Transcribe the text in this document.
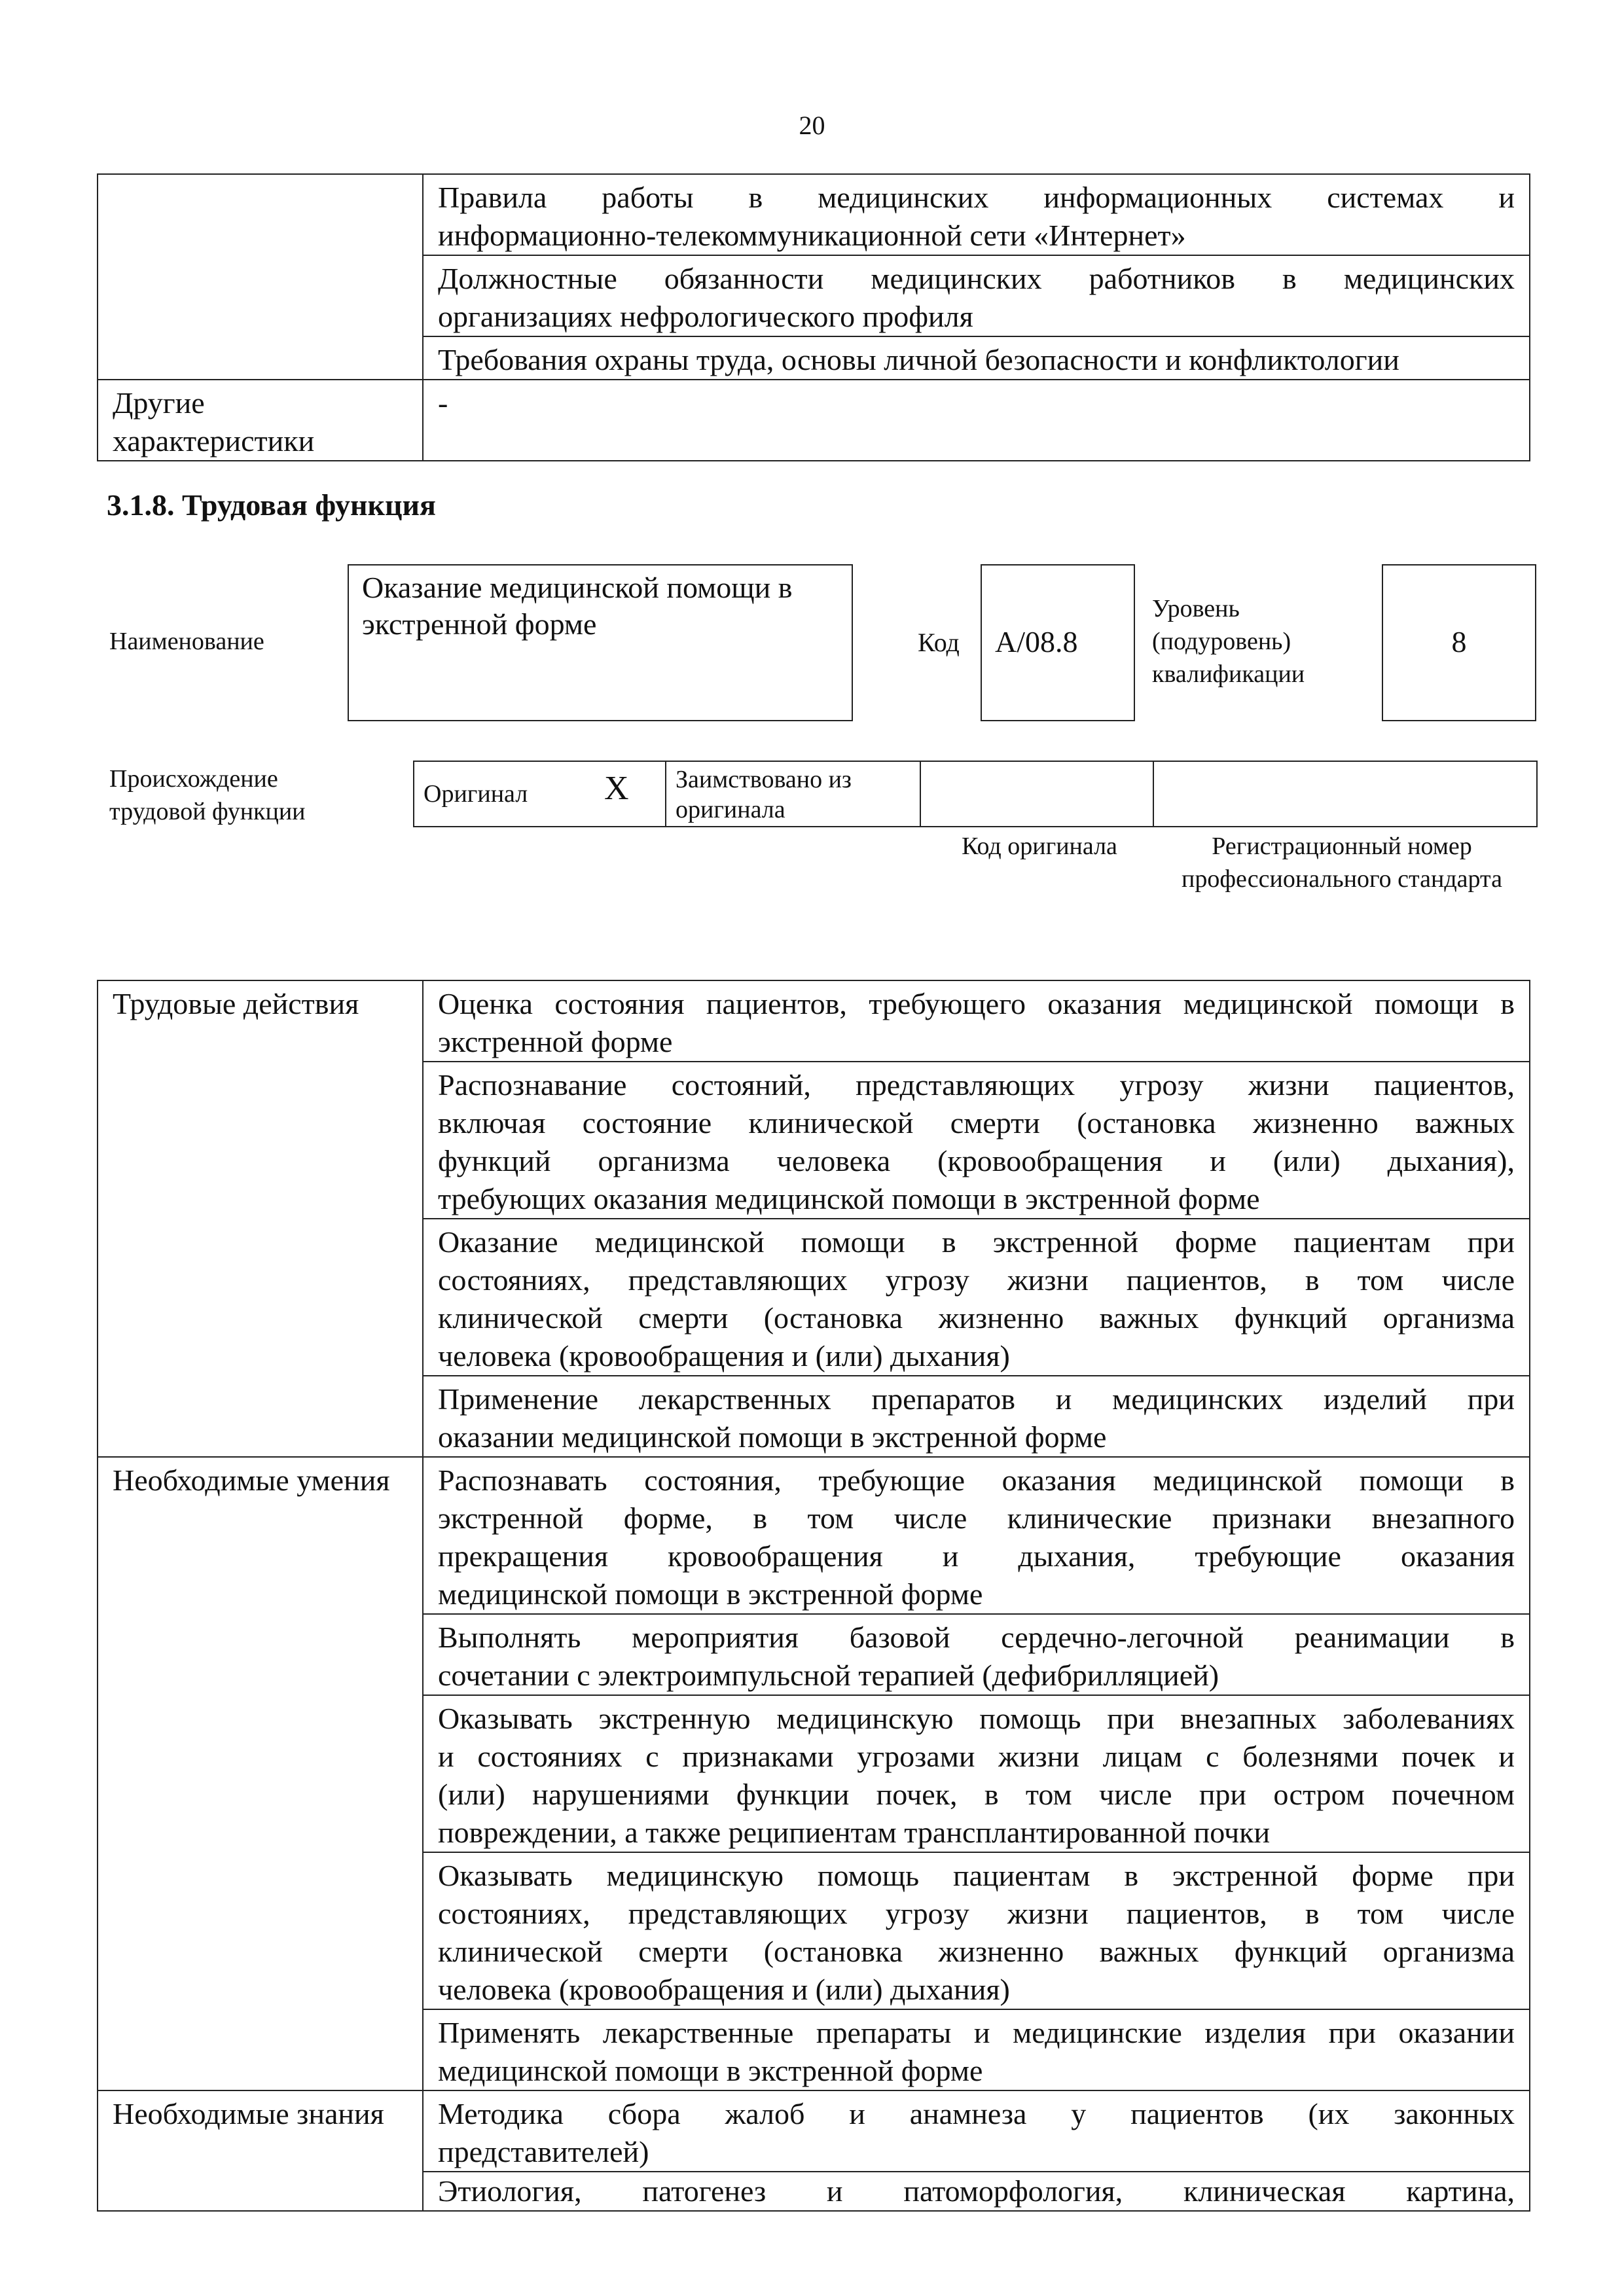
20

	Правила работы в медицинских информационных системах и
информационно-телекоммуникационной сети «Интернет»

	Должностные обязанности медицинских работников в медицинских
организациях нефрологического профиля

	Требования охраны труда, основы личной безопасности и конфликтологии

Другие характеристики	-
3.1.8. Трудовая функция
Наименование
Оказание медицинской помощи в экстренной форме
Код A/08.8
Уровень (подуровень) квалификации
8
Происхождение трудовой функции
Оригинал X	Заимствовано из оригинала		
Код оригинала	Регистрационный номер профессионального стандарта
Трудовые действия	Оценка состояния пациентов, требующего оказания медицинской помощи в
экстренной форме

	Распознавание состояний, представляющих угрозу жизни пациентов,
включая состояние клинической смерти (остановка жизненно важных
функций организма человека (кровообращения и (или) дыхания),
требующих оказания медицинской помощи в экстренной форме

	Оказание медицинской помощи в экстренной форме пациентам при
состояниях, представляющих угрозу жизни пациентов, в том числе
клинической смерти (остановка жизненно важных функций организма
человека (кровообращения и (или) дыхания)

	Применение лекарственных препаратов и медицинских изделий при
оказании медицинской помощи в экстренной форме

Необходимые умения	Распознавать состояния, требующие оказания медицинской помощи в
экстренной форме, в том числе клинические признаки внезапного
прекращения кровообращения и дыхания, требующие оказания
медицинской помощи в экстренной форме

	Выполнять мероприятия базовой сердечно-легочной реанимации в
сочетании с электроимпульсной терапией (дефибрилляцией)

	Оказывать экстренную медицинскую помощь при внезапных заболеваниях
и состояниях с признаками угрозами жизни лицам с болезнями почек и
(или) нарушениями функции почек, в том числе при остром почечном
повреждении, а также реципиентам трансплантированной почки

	Оказывать медицинскую помощь пациентам в экстренной форме при
состояниях, представляющих угрозу жизни пациентов, в том числе
клинической смерти (остановка жизненно важных функций организма
человека (кровообращения и (или) дыхания)

	Применять лекарственные препараты и медицинские изделия при оказании
медицинской помощи в экстренной форме

Необходимые знания	Методика сбора жалоб и анамнеза у пациентов (их законных
представителей)

	Этиология, патогенез и патоморфология, клиническая картина,
